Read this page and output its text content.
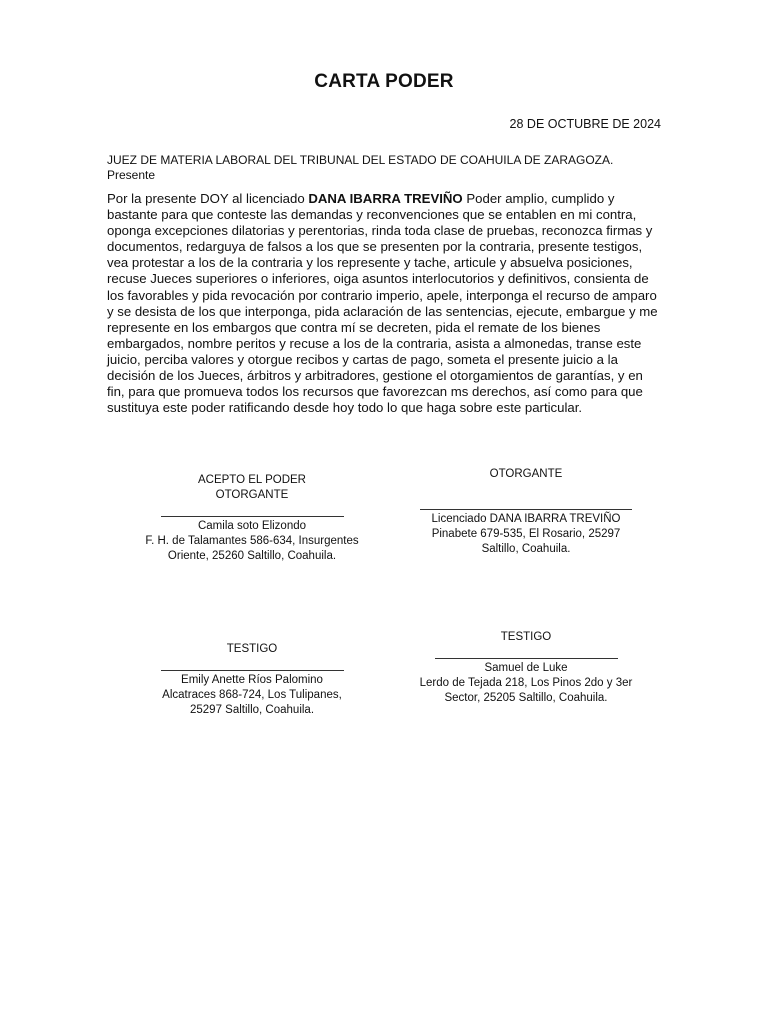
CARTA PODER
28 DE OCTUBRE DE 2024
JUEZ DE MATERIA LABORAL DEL TRIBUNAL DEL ESTADO DE COAHUILA DE ZARAGOZA.
Presente
Por la presente DOY al licenciado DANA IBARRA TREVIÑO Poder amplio, cumplido y bastante para que conteste las demandas y reconvenciones que se entablen en mi contra, oponga excepciones dilatorias y perentorias, rinda toda clase de pruebas, reconozca firmas y documentos, redarguya de falsos a los que se presenten por la contraria, presente testigos, vea protestar a los de la contraria y los represente y tache, articule y absuelva posiciones, recuse Jueces superiores o inferiores, oiga asuntos interlocutorios y definitivos, consienta de los favorables y pida revocación por contrario imperio, apele, interponga el recurso de amparo y se desista de los que interponga, pida aclaración de las sentencias, ejecute, embargue y me represente en los embargos que contra mí se decreten, pida el remate de los bienes embargados, nombre peritos y recuse a los de la contraria, asista a almonedas, transe este juicio, perciba valores y otorgue recibos y cartas de pago, someta el presente juicio a la decisión de los Jueces, árbitros y arbitradores, gestione el otorgamientos de garantías, y en fin, para que promueva todos los recursos que favorezcan ms derechos, así como para que sustituya este poder ratificando desde hoy todo lo que haga sobre este particular.
ACEPTO EL PODER
OTORGANTE
Camila soto Elizondo
F. H. de Talamantes 586-634, Insurgentes
Oriente, 25260 Saltillo, Coahuila.
OTORGANTE
Licenciado DANA IBARRA TREVIÑO
Pinabete 679-535, El Rosario, 25297
Saltillo, Coahuila.
TESTIGO
Emily Anette Ríos Palomino
Alcatraces 868-724, Los Tulipanes,
25297 Saltillo, Coahuila.
TESTIGO
Samuel de Luke
Lerdo de Tejada 218, Los Pinos 2do y 3er
Sector, 25205 Saltillo, Coahuila.
